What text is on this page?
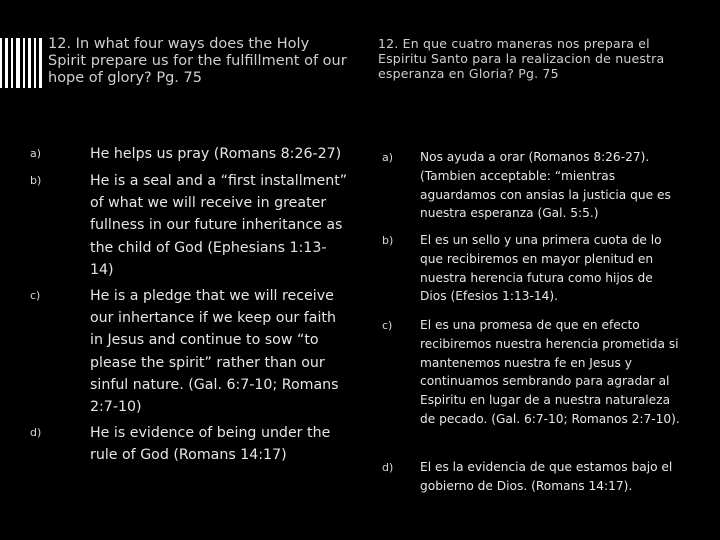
12. In what four ways does the Holy Spirit prepare us for the fulfillment of our hope of glory? Pg. 75
a)	He helps us pray (Romans 8:26-27)
b)	He is a seal and a “first installment” of what we will receive in greater fullness in our future inheritance as the child of God (Ephesians 1:13-14)
c)	He is a pledge that we will receive our inhertance if we keep our faith in Jesus and continue to sow “to please the spirit” rather than our sinful nature. (Gal. 6:7-10; Romans 2:7-10)
d)	He is evidence of being under the rule of God (Romans 14:17)
12. En que cuatro maneras nos prepara el Espiritu Santo para la realizacion de nuestra esperanza en Gloria? Pg. 75
a) Nos ayuda a orar (Romanos 8:26-27). (Tambien acceptable: “mientras aguardamos con ansias la justicia que es nuestra esperanza (Gal. 5:5.)
b) El es un sello y una primera cuota de lo que recibiremos en mayor plenitud en nuestra herencia futura como hijos de Dios (Efesios 1:13-14).
c) El es una promesa de que en efecto recibiremos nuestra herencia prometida si mantenemos nuestra fe en Jesus y continuamos sembrando para agradar al Espiritu en lugar de a nuestra naturaleza de pecado. (Gal. 6:7-10; Romanos 2:7-10).
d) El es la evidencia de que estamos bajo el gobierno de Dios. (Romans 14:17).
